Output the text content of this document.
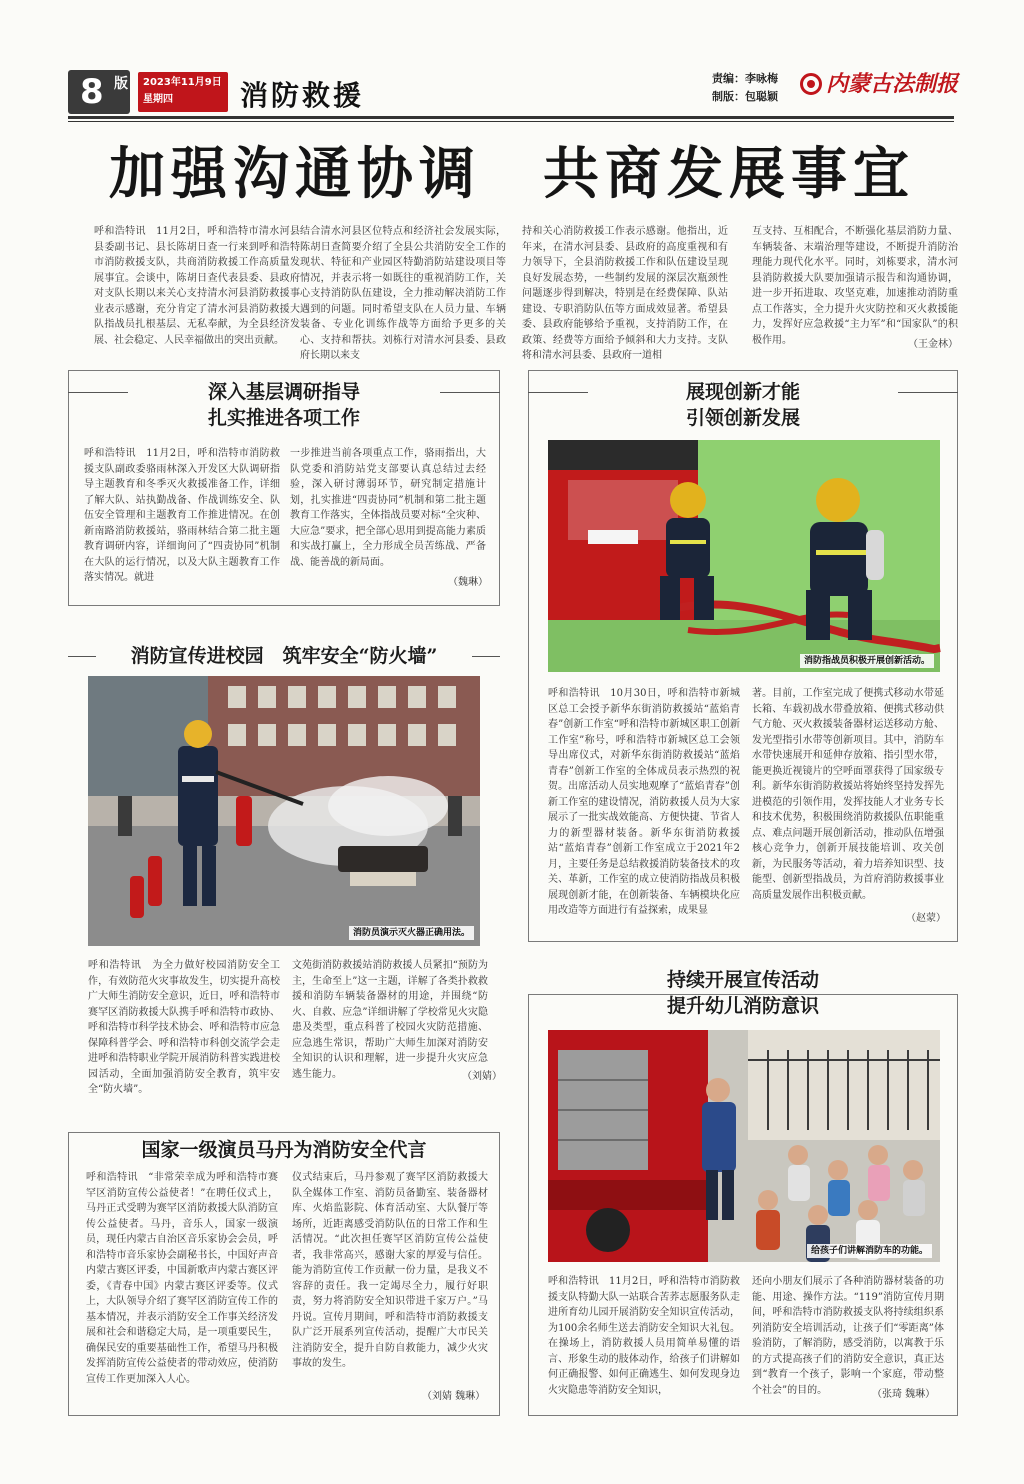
8 版 2023年11月9日
星期四 消防救援
责编：李咏梅
制版：包聪颖 内蒙古法制报
加强沟通协调　共商发展事宜
呼和浩特讯　11月2日，呼和浩特市清水河县县委副书记、县长陈胡日查一行来到呼和浩特市消防救援支队，共商消防救援工作高质量发展事宜。会谈中，陈胡日查代表县委、县政府对支队长期以来关心支持清水河县消防救援事业表示感谢，充分肯定了清水河县消防救援大队指战员扎根基层、无私奉献，为全县经济发展、社会稳定、人民幸福做出的突出贡献。
结合清水河县区位特点和经济社会发展实际，陈胡日查简要介绍了全县公共消防安全工作的现状、特征和产业园区特勤消防站建设项目等情况，并表示将一如既往的重视消防工作，关心支持消防队伍建设，全力推动解决消防工作遇到的问题。同时希望支队在人员力量、车辆装备、专业化训练作战等方面给予更多的关心、支持和帮扶。刘栋行对清水河县委、县政府长期以来支
持和关心消防救援工作表示感谢。他指出，近年来，在清水河县委、县政府的高度重视和有力领导下，全县消防救援工作和队伍建设呈现良好发展态势，一些制约发展的深层次瓶颈性问题逐步得到解决，特别是在经费保障、队站建设、专职消防队伍等方面成效显著。希望县委、县政府能够给予重视，支持消防工作，在政策、经费等方面给予倾斜和大力支持。支队将和清水河县委、县政府一道相
互支持、互相配合，不断强化基层消防力量、车辆装备、末端治理等建设，不断提升消防治理能力现代化水平。同时，刘栋要求，清水河县消防救援大队要加强请示报告和沟通协调，进一步开拓进取、攻坚克难，加速推动消防重点工作落实，全力提升火灾防控和灭火救援能力，发挥好应急救援“主力军”和“国家队”的积极作用。	（王金林）
深入基层调研指导
扎实推进各项工作
呼和浩特讯　11月2日，呼和浩特市消防救援支队副政委骆雨林深入开发区大队调研指导主题教育和冬季灭火救援准备工作，详细了解大队、站执勤战备、作战训练安全、队伍安全管理和主题教育工作推进情况。在创新南路消防救援站，骆雨林结合第二批主题教育调研内容，详细询问了“四责协同”机制在大队的运行情况，以及大队主题教育工作落实情况。就进
一步推进当前各项重点工作，骆雨指出，大队党委和消防站党支部要认真总结过去经验，深入研讨薄弱环节，研究制定措施计划，扎实推进“四责协同”机制和第二批主题教育工作落实，全体指战员要对标“全灾种、大应急”要求，把全部心思用到提高能力素质和实战打赢上，全力形成全员苦练战、严备战、能善战的新局面。
（魏琳）
消防宣传进校园　筑牢安全“防火墙”
消防员演示灭火器正确用法。
呼和浩特讯　为全力做好校园消防安全工作，有效防范火灾事故发生，切实提升高校广大师生消防安全意识，近日，呼和浩特市赛罕区消防救援大队携手呼和浩特市政协、呼和浩特市科学技术协会、呼和浩特市应急保障科普学会、呼和浩特市科创交流学会走进呼和浩特职业学院开展消防科普实践进校园活动，全面加强消防安全教育，筑牢安全“防火墙”。
文苑街消防救援站消防救援人员紧扣“预防为主，生命至上”这一主题，详解了各类扑救救援和消防车辆装备器材的用途，并围绕“防火、自救、应急”详细讲解了学校常见火灾隐患及类型，重点科普了校园火灾防范措施、应急逃生常识，帮助广大师生加深对消防安全知识的认识和理解，进一步提升火灾应急逃生能力。	（刘婧）
国家一级演员马丹为消防安全代言
呼和浩特讯　“非常荣幸成为呼和浩特市赛罕区消防宣传公益使者！”在聘任仪式上，马丹正式受聘为赛罕区消防救援大队消防宣传公益使者。马丹，音乐人，国家一级演员，现任内蒙古自治区音乐家协会会员，呼和浩特市音乐家协会副秘书长，中国好声音内蒙古赛区评委，中国新歌声内蒙古赛区评委，《青春中国》内蒙古赛区评委等。仪式上，大队领导介绍了赛罕区消防宣传工作的基本情况，并表示消防安全工作事关经济发展和社会和谐稳定大局，是一项重要民生，确保民安的重要基础性工作，希望马丹积极发挥消防宣传公益使者的带动效应，使消防宣传工作更加深入人心。
仪式结束后，马丹参观了赛罕区消防救援大队全媒体工作室、消防员备勤室、装备器材库、火焰监影院、体育活动室、大队餐厅等场所，近距离感受消防队伍的日常工作和生活情况。“此次担任赛罕区消防宣传公益使者，我非常高兴，感谢大家的厚爱与信任。能为消防宣传工作贡献一份力量，是我义不容辞的责任。我一定竭尽全力，履行好职责，努力将消防安全知识带进千家万户。”马丹说。宣传月期间，呼和浩特市消防救援支队广泛开展系列宣传活动，提醒广大市民关注消防安全，提升自防自救能力，减少火灾事故的发生。
（刘婧 魏琳）
展现创新才能
引领创新发展
消防指战员积极开展创新活动。
呼和浩特讯　10月30日，呼和浩特市新城区总工会授予新华东街消防救援站“蓝焰青春”创新工作室“呼和浩特市新城区职工创新工作室”称号，呼和浩特市新城区总工会领导出席仪式，对新华东街消防救援站“蓝焰青春”创新工作室的全体成员表示热烈的祝贺。出席活动人员实地观摩了“蓝焰青春”创新工作室的建设情况，消防救援人员为大家展示了一批实战效能高、方便快捷、节省人力的新型器材装备。新华东街消防救援站“蓝焰青春”创新工作室成立于2021年2月，主要任务是总结救援消防装备技术的攻关、革新，工作室的成立使消防指战员积极展现创新才能，在创新装备、车辆模块化应用改造等方面进行有益探索，成果显
著。目前，工作室完成了便携式移动水带延长箱、车载初战水带叠放箱、便携式移动供气方舱、灭火救援装备器材运送移动方舱、发光型指引水带等创新项目。其中，消防车水带快速展开和延伸存放箱、指引型水带，能更换近视镜片的空呼面罩获得了国家级专利。新华东街消防救援站将始终坚持发挥先进模范的引领作用，发挥技能人才业务专长和技术优势，积极围绕消防救援队伍职能重点、难点问题开展创新活动，推动队伍增强核心竞争力，创新开展技能培训、攻关创新，为民服务等活动，着力培养知识型、技能型、创新型指战员，为首府消防救援事业高质量发展作出积极贡献。
（赵蒙）
持续开展宣传活动
提升幼儿消防意识
给孩子们讲解消防车的功能。
呼和浩特讯　11月2日，呼和浩特市消防救援支队特勤大队一站联合苦荞志愿服务队走进所育幼儿园开展消防安全知识宣传活动，为100余名师生送去消防安全知识大礼包。在操场上，消防救援人员用简单易懂的语言、形象生动的肢体动作，给孩子们讲解如何正确报警、如何正确逃生、如何发现身边火灾隐患等消防安全知识，
还向小朋友们展示了各种消防器材装备的功能、用途、操作方法。“119”消防宣传月期间，呼和浩特市消防救援支队将持续组织系列消防安全培训活动，让孩子们“零距离”体验消防，了解消防，感受消防，以寓教于乐的方式提高孩子们的消防安全意识，真正达到“教育一个孩子，影响一个家庭，带动整个社会”的目的。	（张琦 魏琳）
